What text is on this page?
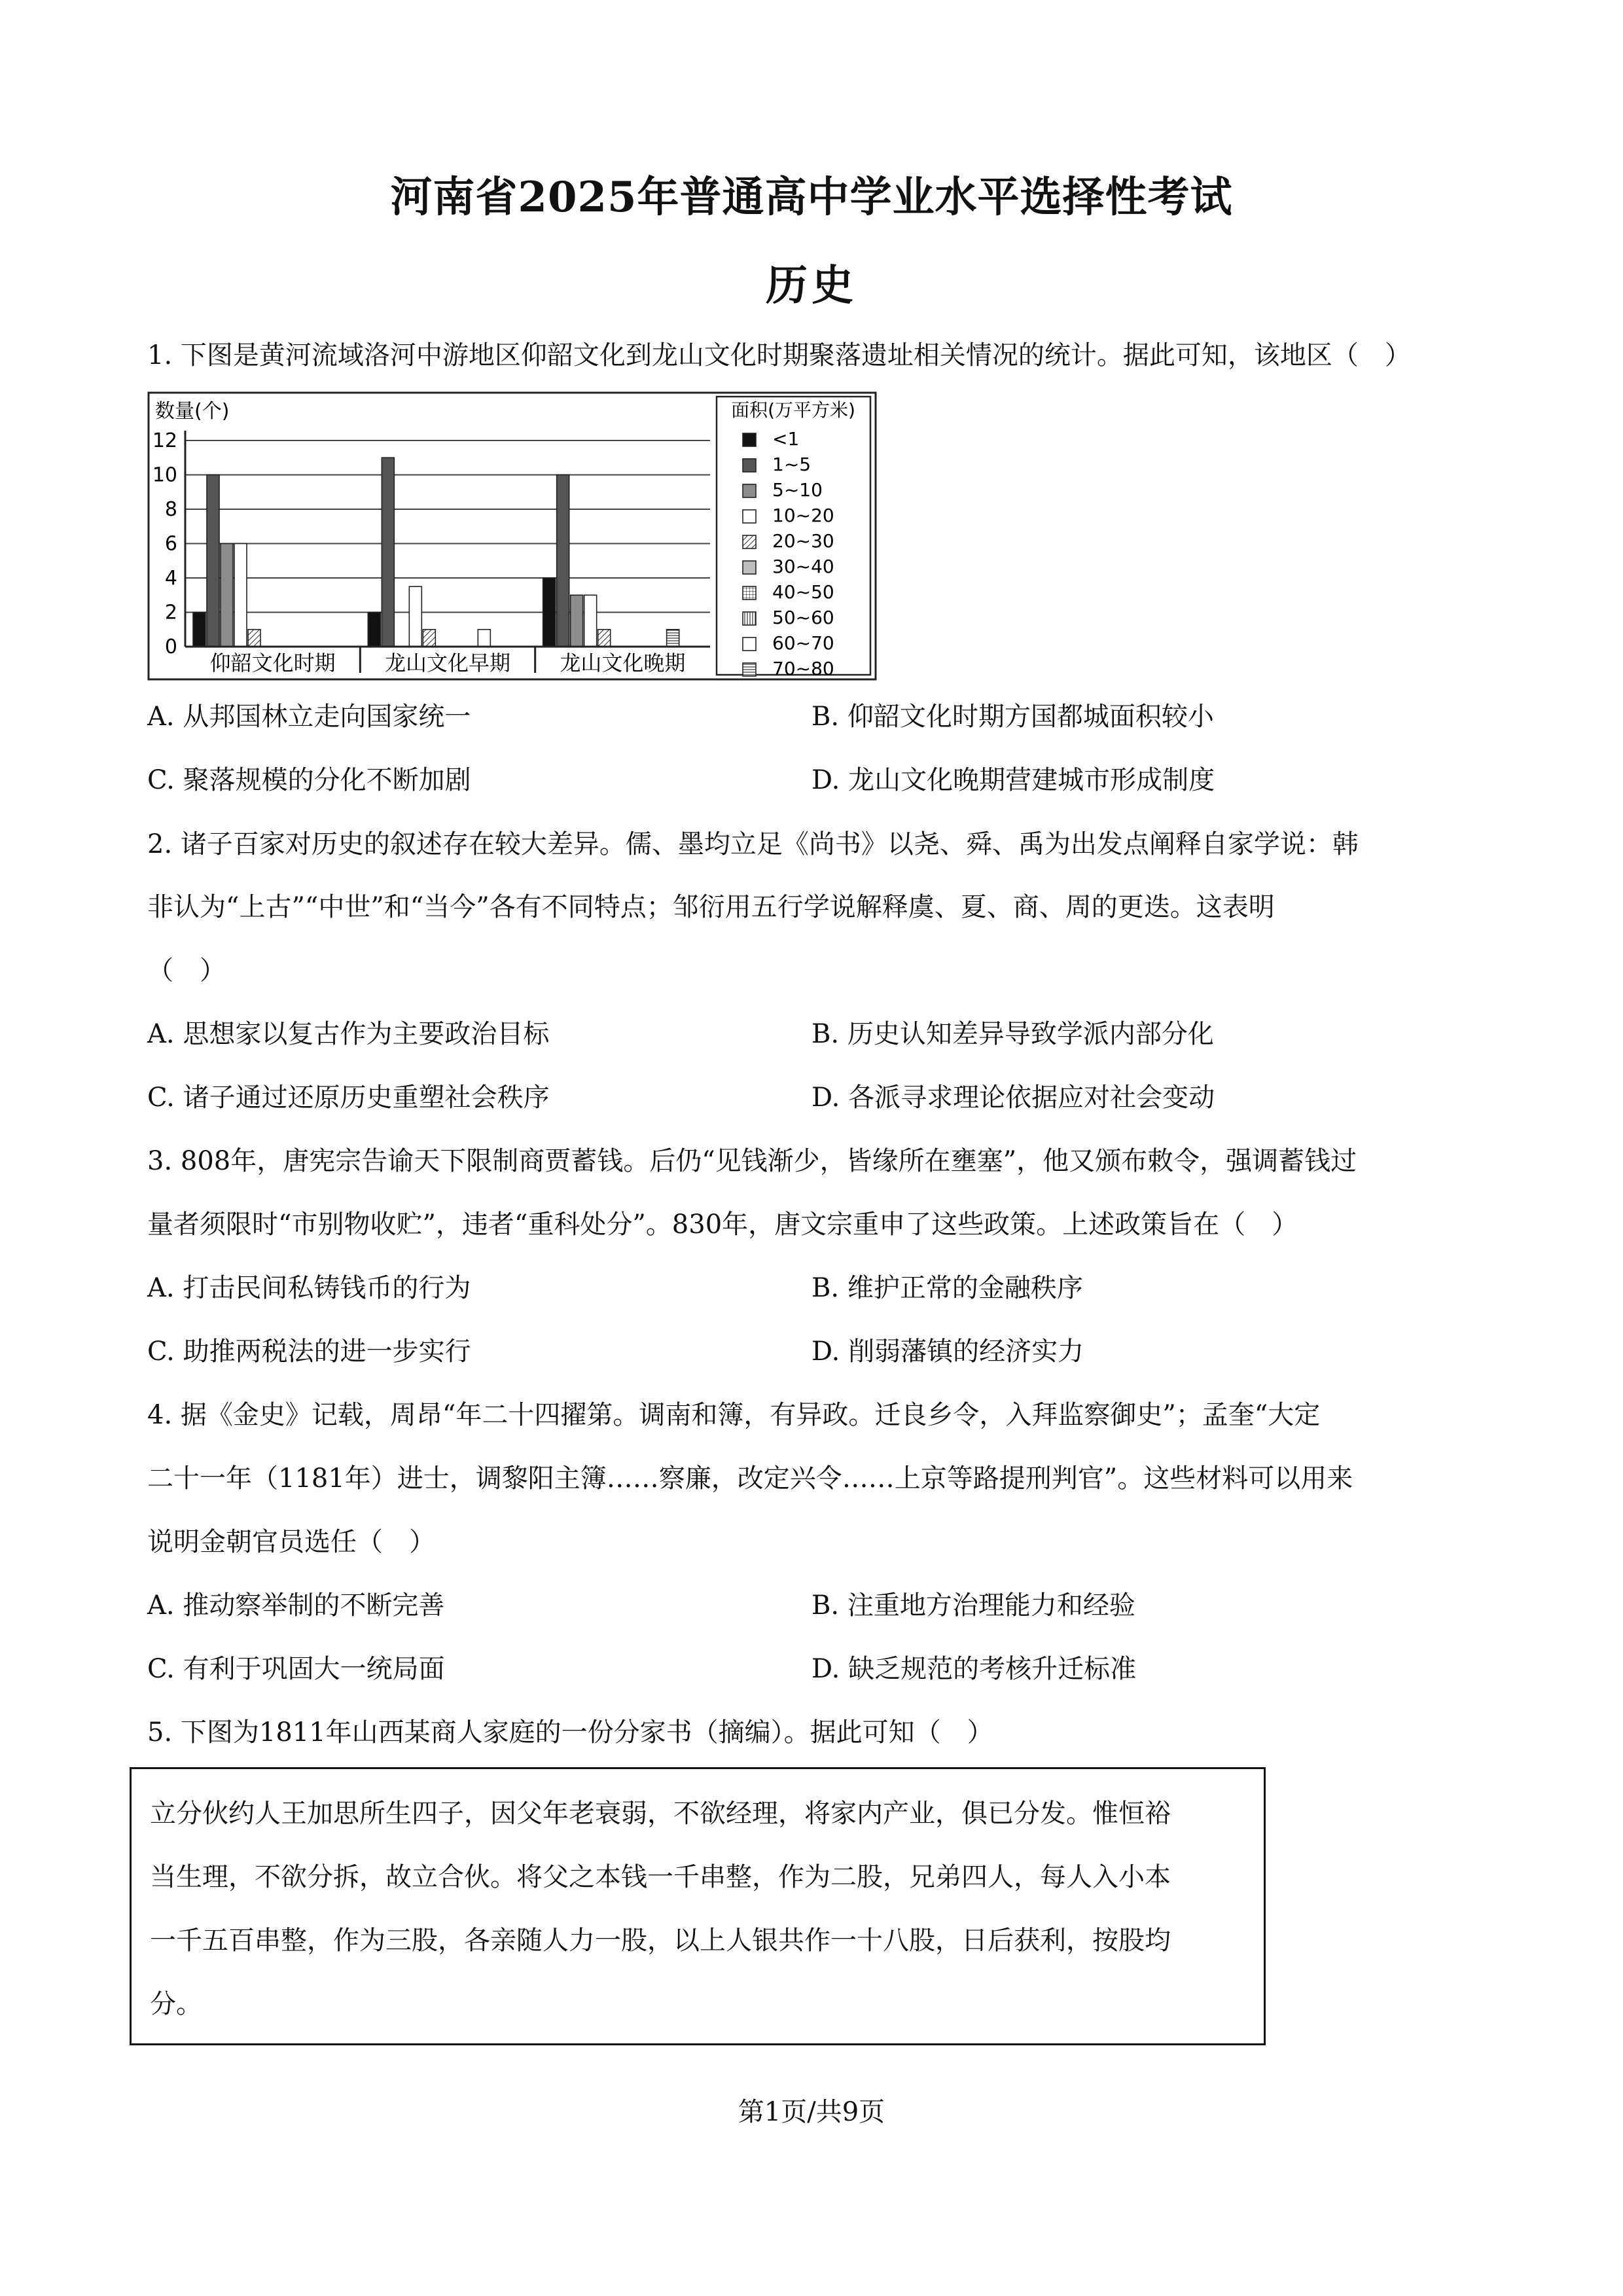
河南省2025年普通高中学业水平选择性考试
历史
1. 下图是黄河流域洛河中游地区仰韶文化到龙山文化时期聚落遗址相关情况的统计。据此可知，该地区（　）
0
2
4
6
8
10
12
仰韶文化时期 龙山文化早期 龙山文化晚期
数量(个)	面积(万平方米)
<1
1~5
5~10
10~20
20~30
30~40
40~50
50~60
60~70
70~80
A. 从邦国林立走向国家统一	B. 仰韶文化时期方国都城面积较小
C. 聚落规模的分化不断加剧	D. 龙山文化晚期营建城市形成制度
2. 诸子百家对历史的叙述存在较大差异。儒、墨均立足《尚书》以尧、舜、禹为出发点阐释自家学说：韩
非认为“上古”“中世”和“当今”各有不同特点；邹衍用五行学说解释虞、夏、商、周的更迭。这表明
（　）
A. 思想家以复古作为主要政治目标	B. 历史认知差异导致学派内部分化
C. 诸子通过还原历史重塑社会秩序	D. 各派寻求理论依据应对社会变动
3. 808年，唐宪宗告谕天下限制商贾蓄钱。后仍“见钱渐少，皆缘所在壅塞”，他又颁布敕令，强调蓄钱过
量者须限时“市别物收贮”，违者“重科处分”。830年，唐文宗重申了这些政策。上述政策旨在（　）
A. 打击民间私铸钱币的行为	B. 维护正常的金融秩序
C. 助推两税法的进一步实行	D. 削弱藩镇的经济实力
4. 据《金史》记载，周昂“年二十四擢第。调南和簿，有异政。迁良乡令，入拜监察御史”；孟奎“大定
二十一年（1181年）进士，调黎阳主簿……察廉，改定兴令……上京等路提刑判官”。这些材料可以用来
说明金朝官员选任（　）
A. 推动察举制的不断完善	B. 注重地方治理能力和经验
C. 有利于巩固大一统局面	D. 缺乏规范的考核升迁标准
5. 下图为1811年山西某商人家庭的一份分家书（摘编）。据此可知（　）
立分伙约人王加思所生四子，因父年老衰弱，不欲经理，将家内产业，俱已分发。惟恒裕
当生理，不欲分拆，故立合伙。将父之本钱一千串整，作为二股，兄弟四人，每人入小本
一千五百串整，作为三股，各亲随人力一股，以上人银共作一十八股，日后获利，按股均
分。
第1页/共9页
